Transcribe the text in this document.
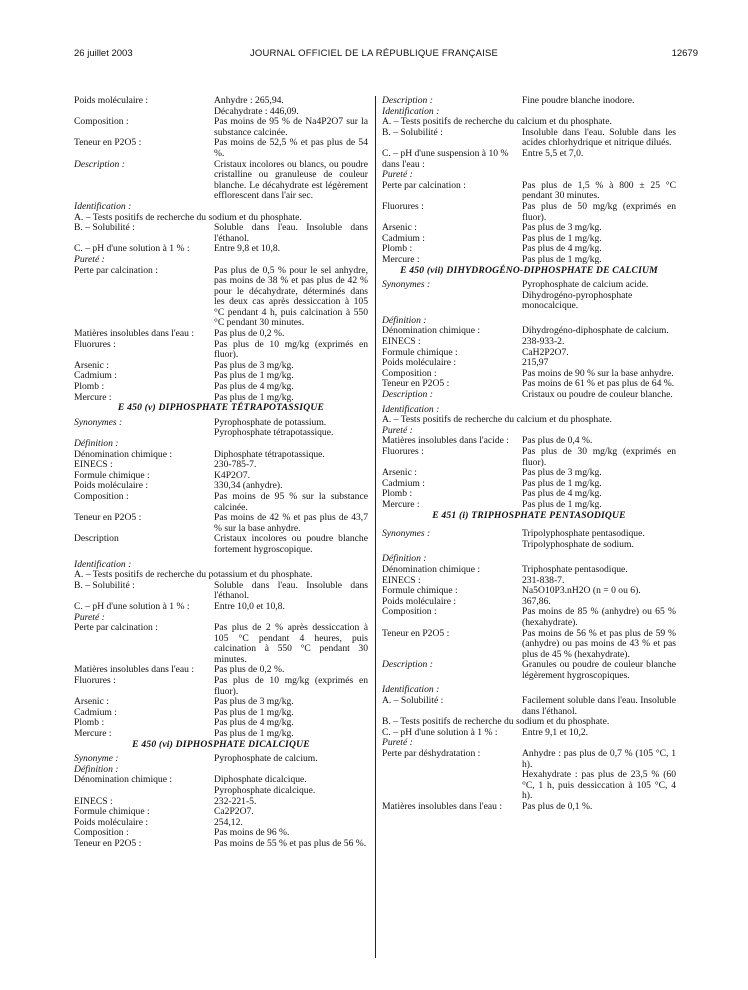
26 juillet 2003	JOURNAL OFFICIEL DE LA RÉPUBLIQUE FRANÇAISE	12679
Poids moléculaire :	Anhydre : 265,94.
Décahydrate : 446,09.
Composition :	Pas moins de 95 % de Na4P2O7 sur la substance calcinée.
Teneur en P2O5 :	Pas moins de 52,5 % et pas plus de 54 %.
Description :	Cristaux incolores ou blancs, ou poudre cristalline ou granuleuse de couleur blanche. Le décahydrate est légèrement efflorescent dans l'air sec.
Identification :
A. – Tests positifs de recherche du sodium et du phosphate.
B. – Solubilité :	Soluble dans l'eau. Insoluble dans l'éthanol.
C. – pH d'une solution à 1 % :	Entre 9,8 et 10,8.
Pureté :
Perte par calcination :	Pas plus de 0,5 % pour le sel anhydre, pas moins de 38 % et pas plus de 42 % pour le décahydrate, déterminés dans les deux cas après dessiccation à 105 °C pendant 4 h, puis calcination à 550 °C pendant 30 minutes.
Matières insolubles dans l'eau :	Pas plus de 0,2 %.
Fluorures :	Pas plus de 10 mg/kg (exprimés en fluor).
Arsenic :	Pas plus de 3 mg/kg.
Cadmium :	Pas plus de 1 mg/kg.
Plomb :	Pas plus de 4 mg/kg.
Mercure :	Pas plus de 1 mg/kg.
E 450 (v) DIPHOSPHATE TÉTRAPOTASSIQUE
Synonymes :	Pyrophosphate de potassium.
Pyrophosphate tétrapotassique.
Définition :
Dénomination chimique :	Diphosphate tétrapotassique.
EINECS :	230-785-7.
Formule chimique :	K4P2O7.
Poids moléculaire :	330,34 (anhydre).
Composition :	Pas moins de 95 % sur la substance calcinée.
Teneur en P2O5 :	Pas moins de 42 % et pas plus de 43,7 % sur la base anhydre.
Description	Cristaux incolores ou poudre blanche fortement hygroscopique.
Identification :
A. – Tests positifs de recherche du potassium et du phosphate.
B. – Solubilité :	Soluble dans l'eau. Insoluble dans l'éthanol.
C. – pH d'une solution à 1 % :	Entre 10,0 et 10,8.
Pureté :
Perte par calcination :	Pas plus de 2 % après dessiccation à 105 °C pendant 4 heures, puis calcination à 550 °C pendant 30 minutes.
Matières insolubles dans l'eau :	Pas plus de 0,2 %.
Fluorures :	Pas plus de 10 mg/kg (exprimés en fluor).
Arsenic :	Pas plus de 3 mg/kg.
Cadmium :	Pas plus de 1 mg/kg.
Plomb :	Pas plus de 4 mg/kg.
Mercure :	Pas plus de 1 mg/kg.
E 450 (vi) DIPHOSPHATE DICALCIQUE
Synonyme :	Pyrophosphate de calcium.
Définition :
Dénomination chimique :	Diphosphate dicalcique.
Pyrophosphate dicalcique.
EINECS :	232-221-5.
Formule chimique :	Ca2P2O7.
Poids moléculaire :	254,12.
Composition :	Pas moins de 96 %.
Teneur en P2O5 :	Pas moins de 55 % et pas plus de 56 %.
Description :	Fine poudre blanche inodore.
Identification :
A. – Tests positifs de recherche du calcium et du phosphate.
B. – Solubilité :	Insoluble dans l'eau. Soluble dans les acides chlorhydrique et nitrique dilués.
C. – pH d'une suspension à 10 % dans l'eau :
Entre 5,5 et 7,0.
Pureté :
Perte par calcination :	Pas plus de 1,5 % à 800 ± 25 °C pendant 30 minutes.
Fluorures :	Pas plus de 50 mg/kg (exprimés en fluor).
Arsenic :	Pas plus de 3 mg/kg.
Cadmium :	Pas plus de 1 mg/kg.
Plomb :	Pas plus de 4 mg/kg.
Mercure :	Pas plus de 1 mg/kg.
E 450 (vii) DIHYDROGÉNO-DIPHOSPHATE DE CALCIUM
Synonymes :	Pyrophosphate de calcium acide.
Dihydrogéno-pyrophosphate monocalcique.
Définition :
Dénomination chimique :	Dihydrogéno-diphosphate de calcium.
EINECS :	238-933-2.
Formule chimique :	CaH2P2O7.
Poids moléculaire :	215,97
Composition :	Pas moins de 90 % sur la base anhydre.
Teneur en P2O5 :	Pas moins de 61 % et pas plus de 64 %.
Description :	Cristaux ou poudre de couleur blanche.
Identification :
A. – Tests positifs de recherche du calcium et du phosphate.
Pureté :
Matières insolubles dans l'acide :	Pas plus de 0,4 %.
Fluorures :	Pas plus de 30 mg/kg (exprimés en fluor).
Arsenic :	Pas plus de 3 mg/kg.
Cadmium :	Pas plus de 1 mg/kg.
Plomb :	Pas plus de 4 mg/kg.
Mercure :	Pas plus de 1 mg/kg.
E 451 (i) TRIPHOSPHATE PENTASODIQUE
Synonymes :	Tripolyphosphate pentasodique.
Tripolyphosphate de sodium.
Définition :
Dénomination chimique :	Triphosphate pentasodique.
EINECS :	231-838-7.
Formule chimique :	Na5O10P3.nH2O (n = 0 ou 6).
Poids moléculaire :	367,86.
Composition :	Pas moins de 85 % (anhydre) ou 65 % (hexahydrate).
Teneur en P2O5 :	Pas moins de 56 % et pas plus de 59 % (anhydre) ou pas moins de 43 % et pas plus de 45 % (hexahydrate).
Description :	Granules ou poudre de couleur blanche légèrement hygroscopiques.
Identification :
A. – Solubilité :	Facilement soluble dans l'eau. Insoluble dans l'éthanol.
B. – Tests positifs de recherche du sodium et du phosphate.
C. – pH d'une solution à 1 % :	Entre 9,1 et 10,2.
Pureté :
Perte par déshydratation :	Anhydre : pas plus de 0,7 % (105 °C, 1 h).
Hexahydrate : pas plus de 23,5 % (60 °C, 1 h, puis dessiccation à 105 °C, 4 h).
Matières insolubles dans l'eau :	Pas plus de 0,1 %.
